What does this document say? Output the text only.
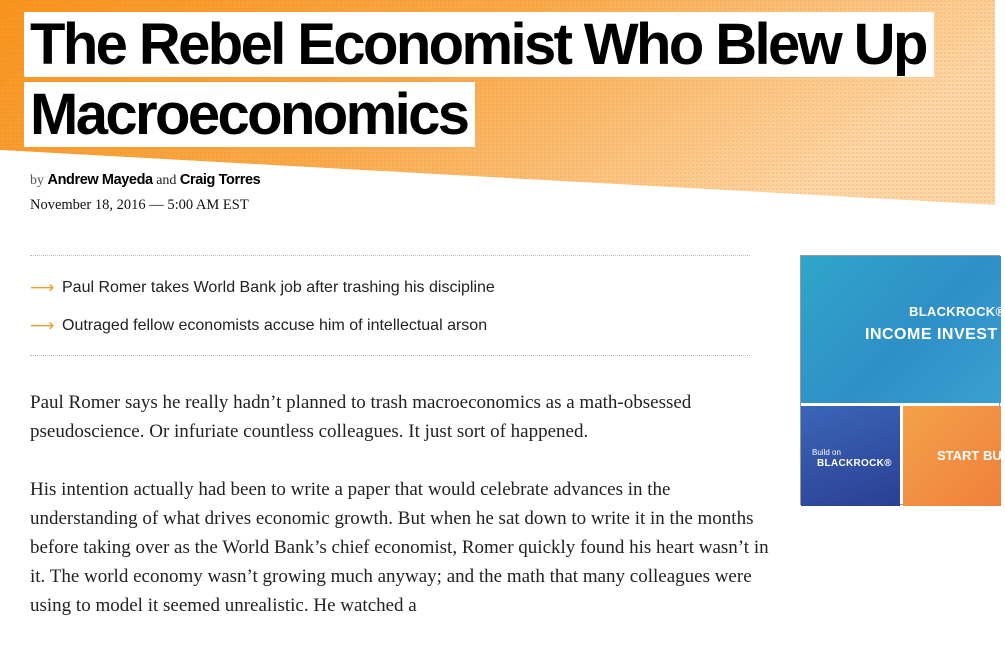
The Rebel Economist Who Blew Up
Macroeconomics
by Andrew Mayeda and Craig Torres
November 18, 2016 — 5:00 AM EST
⟶ Paul Romer takes World Bank job after trashing his discipline
⟶ Outraged fellow economists accuse him of intellectual arson

Paul Romer says he really hadn’t planned to trash macroeconomics as a math-obsessed pseudoscience. Or infuriate countless colleagues. It just sort of happened.

His intention actually had been to write a paper that would celebrate advances in the understanding of what drives economic growth. But when he sat down to write it in the months before taking over as the World Bank’s chief economist, Romer quickly found his heart wasn’t in it. The world economy wasn’t growing much anyway; and the math that many colleagues were using to model it seemed unrealistic. He watched a

BLACKROCK®
INCOME INVEST
Build on
BLACKROCK®
START BU
